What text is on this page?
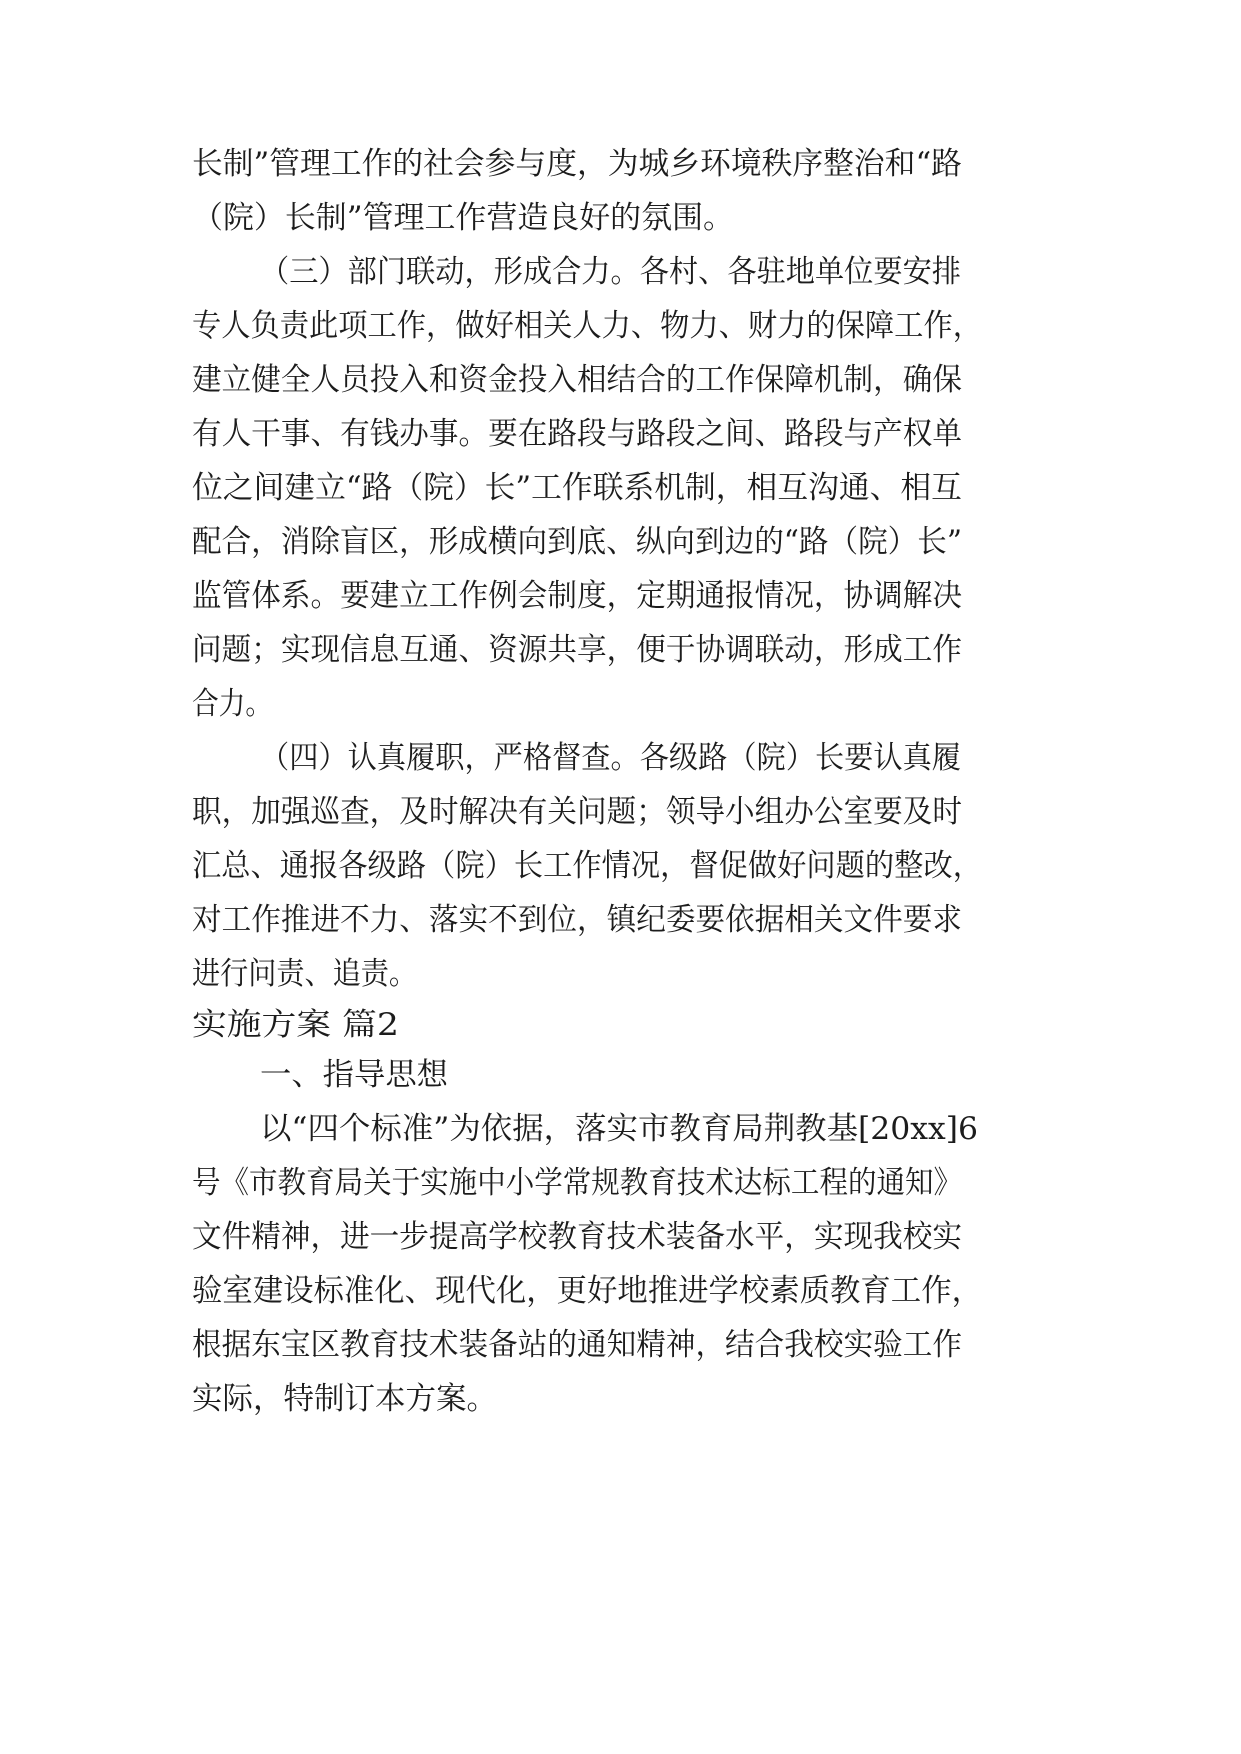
长制”管理工作的社会参与度，为城乡环境秩序整治和“路

（院）长制”管理工作营造良好的氛围。

（三）部门联动，形成合力。各村、各驻地单位要安排

专人负责此项工作，做好相关人力、物力、财力的保障工作，

建立健全人员投入和资金投入相结合的工作保障机制，确保

有人干事、有钱办事。要在路段与路段之间、路段与产权单

位之间建立“路（院）长”工作联系机制，相互沟通、相互

配合，消除盲区，形成横向到底、纵向到边的“路（院）长”

监管体系。要建立工作例会制度，定期通报情况，协调解决

问题；实现信息互通、资源共享，便于协调联动，形成工作

合力。

（四）认真履职，严格督查。各级路（院）长要认真履

职，加强巡查，及时解决有关问题；领导小组办公室要及时

汇总、通报各级路（院）长工作情况，督促做好问题的整改，

对工作推进不力、落实不到位，镇纪委要依据相关文件要求

进行问责、追责。

实施方案 篇2

一、指导思想

以“四个标准”为依据，落实市教育局荆教基[20xx]6

号《市教育局关于实施中小学常规教育技术达标工程的通知》

文件精神，进一步提高学校教育技术装备水平，实现我校实

验室建设标准化、现代化，更好地推进学校素质教育工作，

根据东宝区教育技术装备站的通知精神，结合我校实验工作

实际，特制订本方案。
